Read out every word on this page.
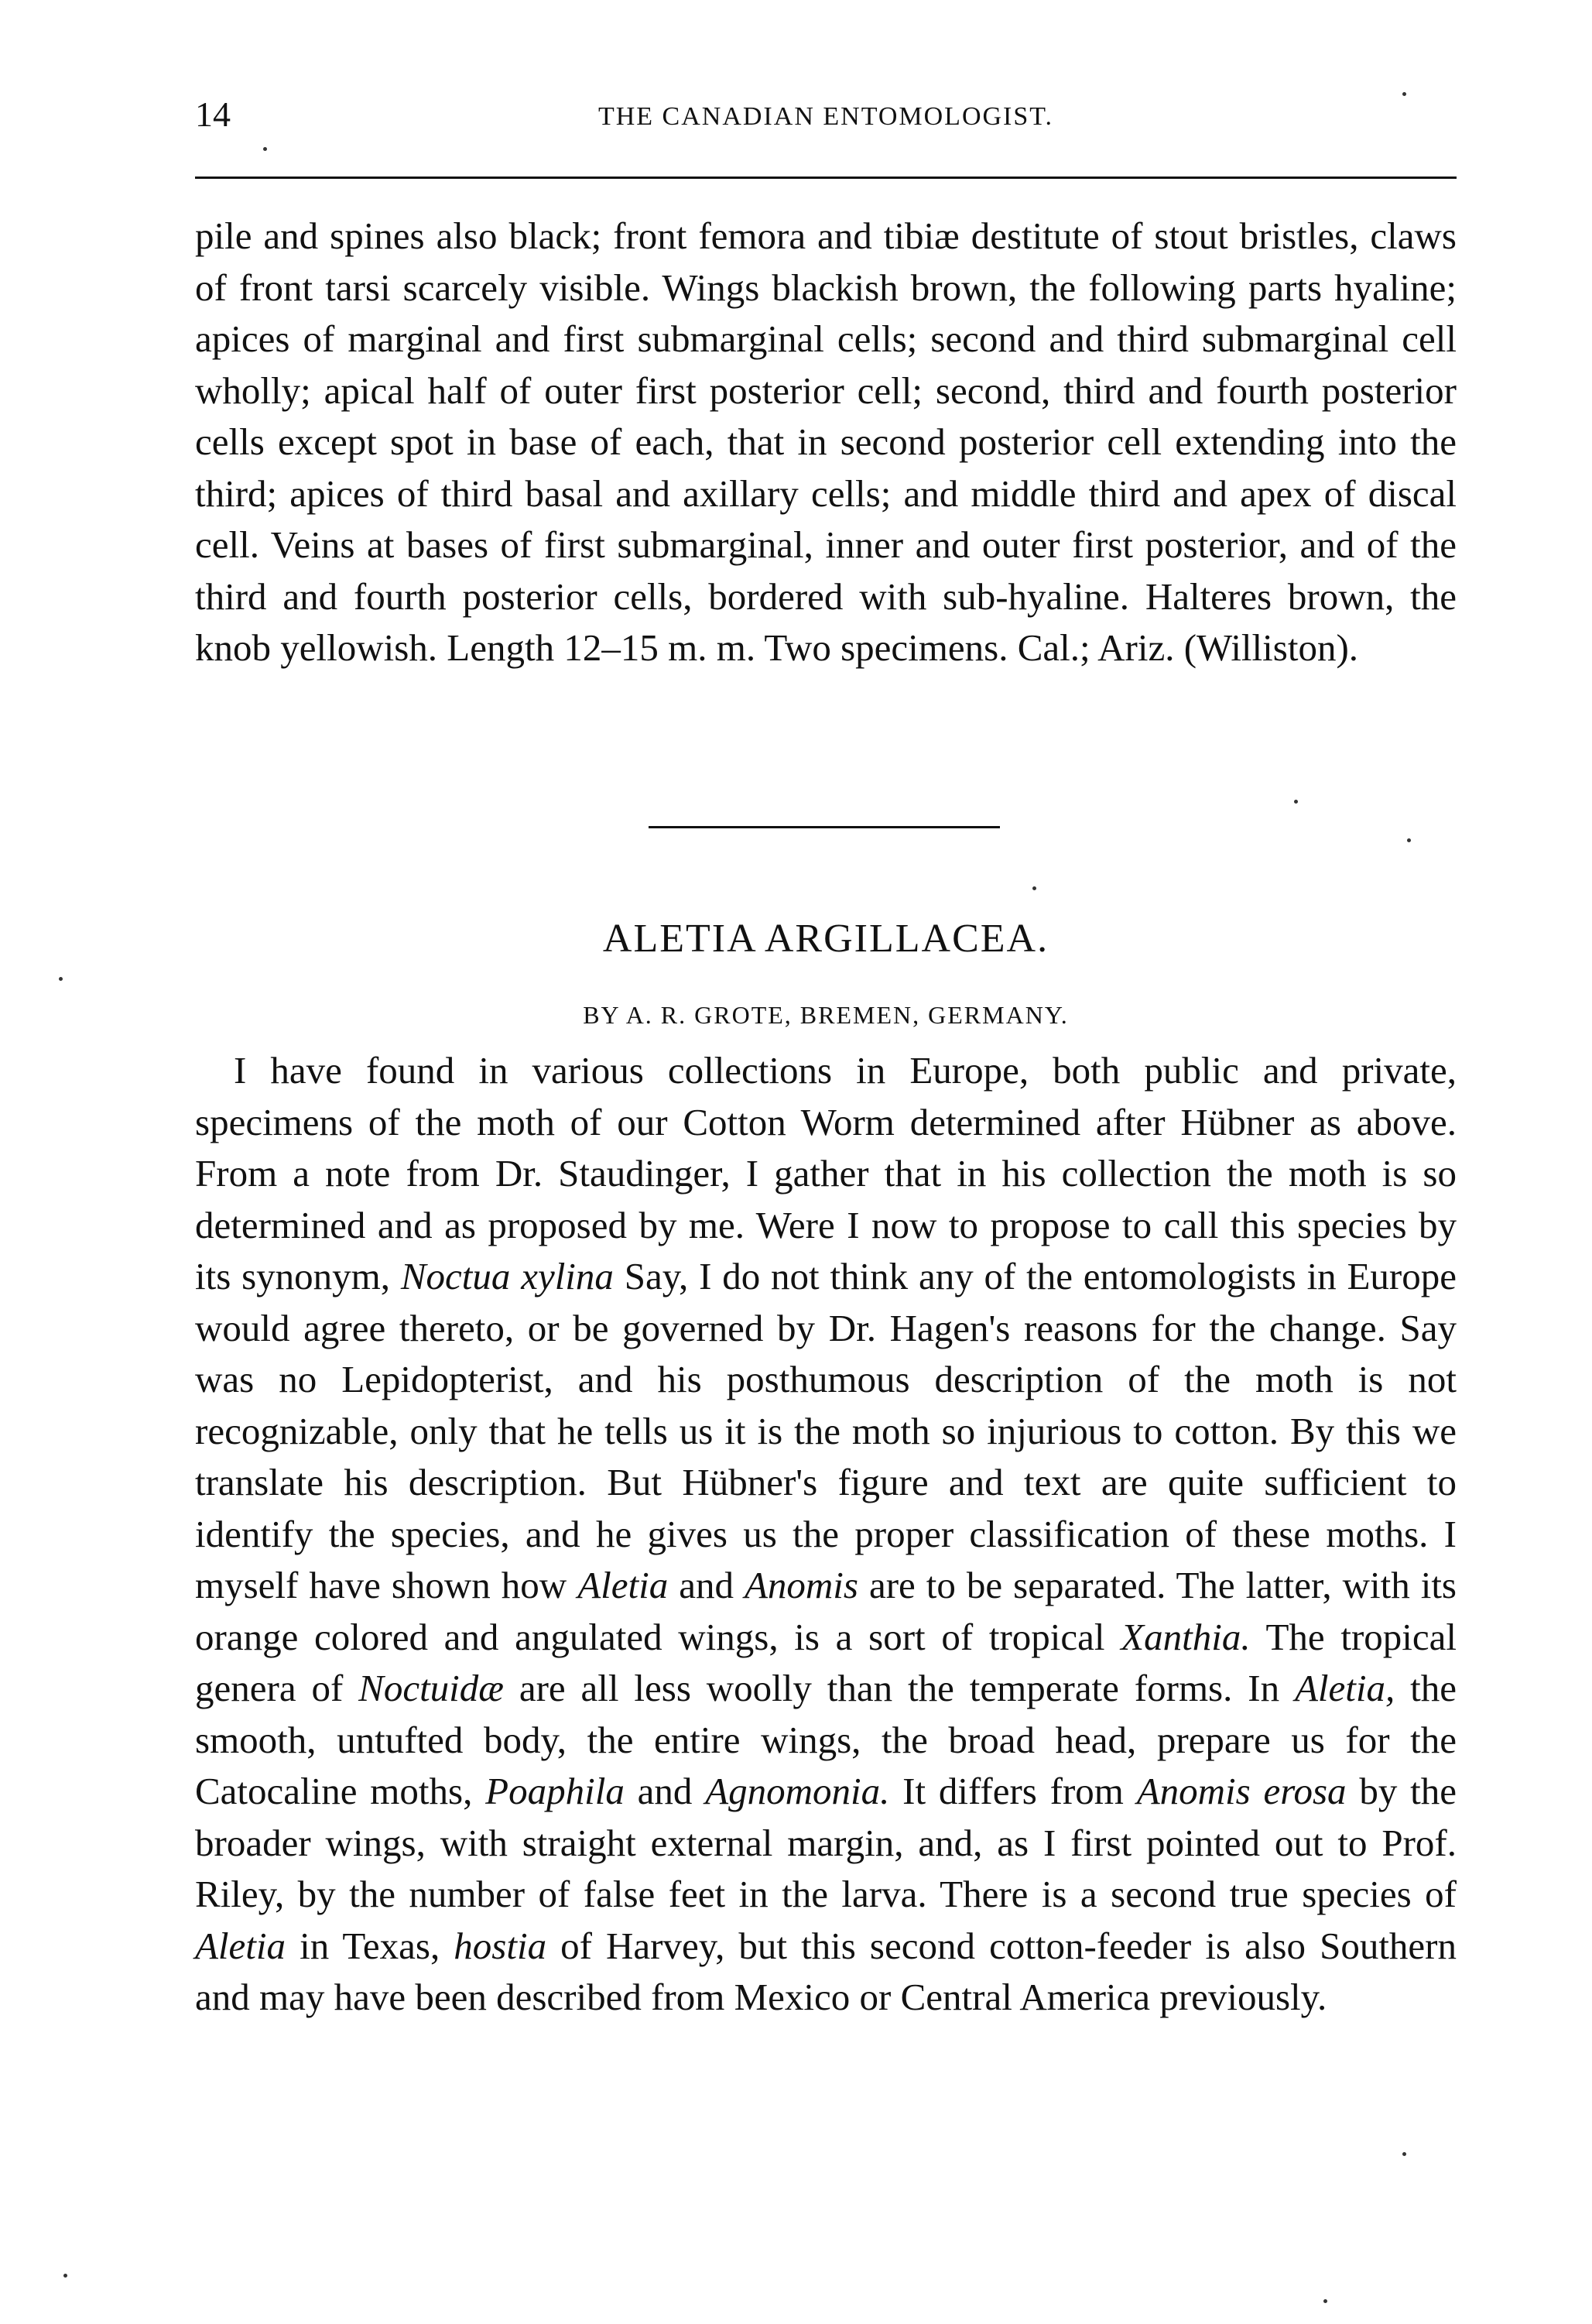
14	THE CANADIAN ENTOMOLOGIST.

pile and spines also black; front femora and tibiæ destitute of stout bristles, claws of front tarsi scarcely visible. Wings blackish brown, the following parts hyaline; apices of marginal and first submarginal cells; second and third submarginal cell wholly; apical half of outer first posterior cell; second, third and fourth posterior cells except spot in base of each, that in second posterior cell extending into the third; apices of third basal and axillary cells; and middle third and apex of discal cell. Veins at bases of first submarginal, inner and outer first posterior, and of the third and fourth posterior cells, bordered with sub-hyaline. Halteres brown, the knob yellowish. Length 12–15 m. m. Two specimens. Cal.; Ariz. (Williston).

ALETIA ARGILLACEA.
BY A. R. GROTE, BREMEN, GERMANY.

I have found in various collections in Europe, both public and private, specimens of the moth of our Cotton Worm determined after Hübner as above. From a note from Dr. Staudinger, I gather that in his collection the moth is so determined and as proposed by me. Were I now to propose to call this species by its synonym, Noctua xylina Say, I do not think any of the entomologists in Europe would agree thereto, or be governed by Dr. Hagen's reasons for the change. Say was no Lepidopterist, and his posthumous description of the moth is not recognizable, only that he tells us it is the moth so injurious to cotton. By this we translate his description. But Hübner's figure and text are quite sufficient to identify the species, and he gives us the proper classification of these moths. I myself have shown how Aletia and Anomis are to be separated. The latter, with its orange colored and angulated wings, is a sort of tropical Xanthia. The tropical genera of Noctuidæ are all less woolly than the temperate forms. In Aletia, the smooth, untufted body, the entire wings, the broad head, prepare us for the Catocaline moths, Poaphila and Agnomonia. It differs from Anomis erosa by the broader wings, with straight external margin, and, as I first pointed out to Prof. Riley, by the number of false feet in the larva. There is a second true species of Aletia in Texas, hostia of Harvey, but this second cotton-feeder is also Southern and may have been described from Mexico or Central America previously.
